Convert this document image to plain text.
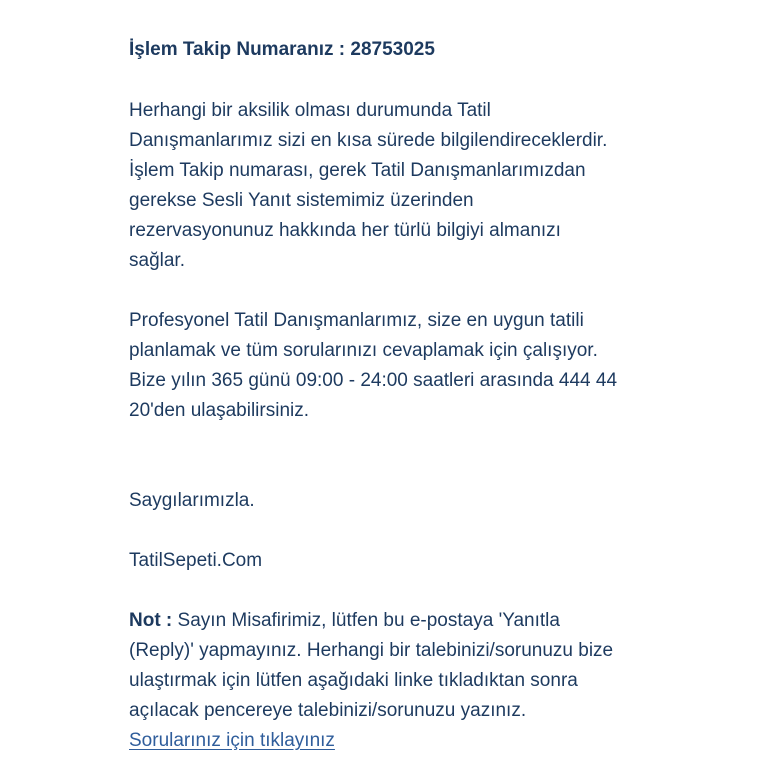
İşlem Takip Numaranız : 28753025
Herhangi bir aksilik olması durumunda Tatil
Danışmanlarımız sizi en kısa sürede bilgilendireceklerdir.
İşlem Takip numarası, gerek Tatil Danışmanlarımızdan
gerekse Sesli Yanıt sistemimiz üzerinden
rezervasyonunuz hakkında her türlü bilgiyi almanızı
sağlar.
Profesyonel Tatil Danışmanlarımız, size en uygun tatili
planlamak ve tüm sorularınızı cevaplamak için çalışıyor.
Bize yılın 365 günü 09:00 - 24:00 saatleri arasında 444 44
20'den ulaşabilirsiniz.
Saygılarımızla.
TatilSepeti.Com
Not : Sayın Misafirimiz, lütfen bu e-postaya 'Yanıtla
(Reply)' yapmayınız. Herhangi bir talebinizi/sorunuzu bize
ulaştırmak için lütfen aşağıdaki linke tıkladıktan sonra
açılacak pencereye talebinizi/sorunuzu yazınız.
Sorularınız için tıklayınız
